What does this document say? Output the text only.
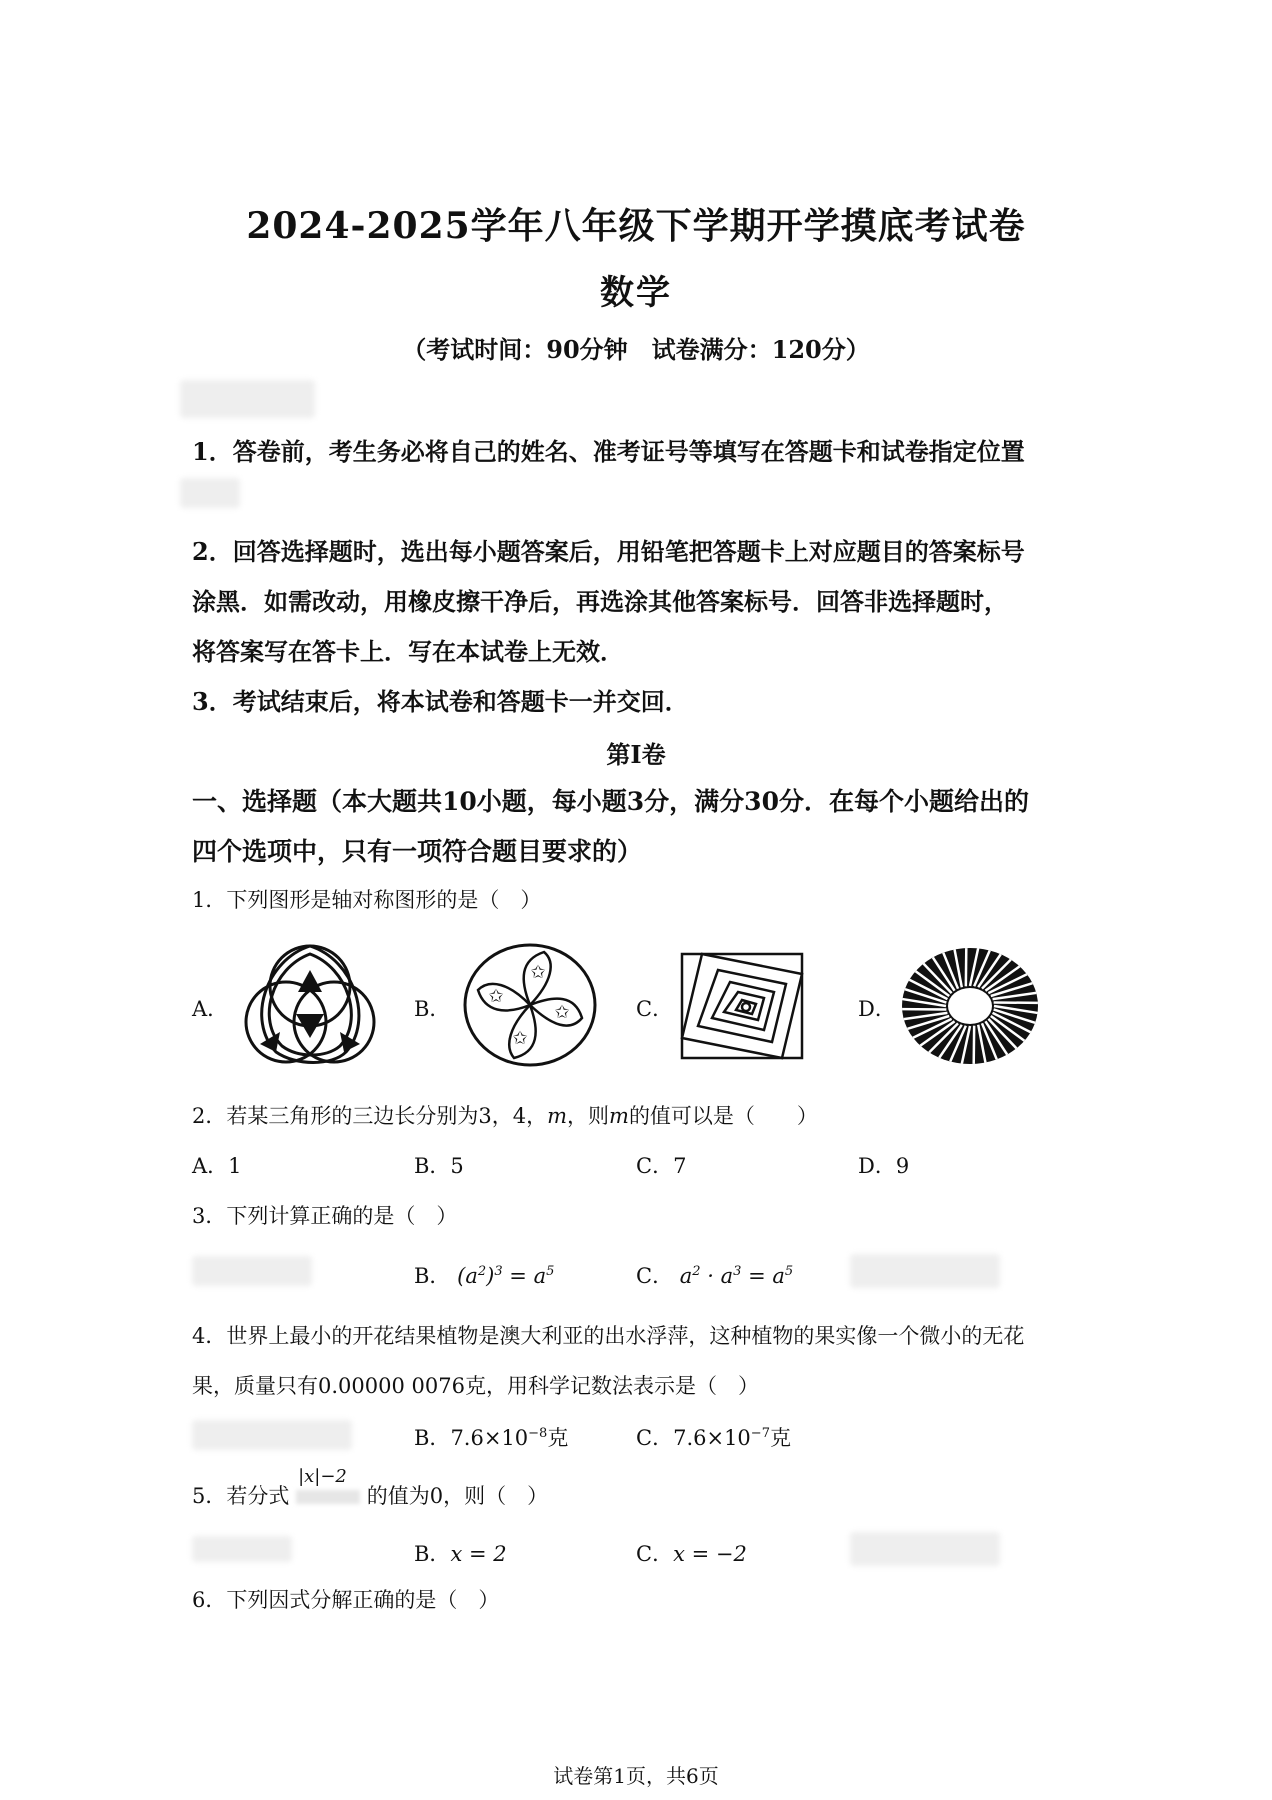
2024-2025学年八年级下学期开学摸底考试卷
数学
（考试时间：90分钟　试卷满分：120分）
1．答卷前，考生务必将自己的姓名、准考证号等填写在答题卡和试卷指定位置
2．回答选择题时，选出每小题答案后，用铅笔把答题卡上对应题目的答案标号
涂黑．如需改动，用橡皮擦干净后，再选涂其他答案标号．回答非选择题时，
将答案写在答卡上．写在本试卷上无效．
3．考试结束后，将本试卷和答题卡一并交回．
第I卷
一、选择题（本大题共10小题，每小题3分，满分30分．在每个小题给出的
四个选项中，只有一项符合题目要求的）
1．下列图形是轴对称图形的是（　）
A．	B．
✩
✩
✩
✩
C．	D．
2．若某三角形的三边长分别为3，4，m，则m的值可以是（　　）
A．1	B．5	C．7	D．9
3．下列计算正确的是（　）
B． $(a^2)^3 = a^5$	C． $a^2 \cdot a^3 = a^5$
4．世界上最小的开花结果植物是澳大利亚的出水浮萍，这种植物的果实像一个微小的无花
果，质量只有0.00000 0076克，用科学记数法表示是（　）
B．$7.6\times 10^{-8}$克	C．$7.6\times 10^{-7}$克
5．若分式
|x|−2
的值为0，则（　）
B．x = 2	C．x = −2
6．下列因式分解正确的是（　）
试卷第1页，共6页
